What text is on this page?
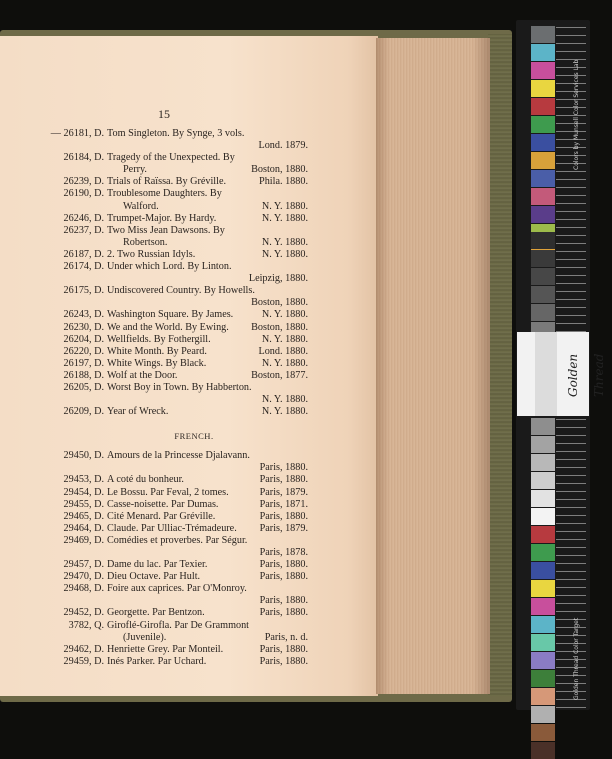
15
— 26181, D. Tom Singleton. By Synge, 3 vols.
Lond. 1879.
26184, D. Tragedy of the Unexpected. By
Perry.	Boston, 1880.
26239, D. Trials of Raïssa. By Gréville.	Phila. 1880.
26190, D. Troublesome Daughters. By
Walford.	N. Y. 1880.
26246, D. Trumpet-Major. By Hardy.	N. Y. 1880.
26237, D. Two Miss Jean Dawsons. By
Robertson.	N. Y. 1880.
26187, D. 2. Two Russian Idyls.	N. Y. 1880.
26174, D. Under which Lord. By Linton.
Leipzig, 1880.
26175, D. Undiscovered Country. By Howells.
Boston, 1880.
26243, D. Washington Square. By James.	N. Y. 1880.
26230, D. We and the World. By Ewing. Boston, 1880.
26204, D. Wellfields. By Fothergill.	N. Y. 1880.
26220, D. White Month. By Peard.	Lond. 1880.
26197, D. White Wings. By Black.	N. Y. 1880.
26188, D. Wolf at the Door.	Boston, 1877.
26205, D. Worst Boy in Town. By Habberton.
N. Y. 1880.
26209, D. Year of Wreck.	N. Y. 1880.
FRENCH.
29450, D. Amours de la Princesse Djalavann.
Paris, 1880.
29453, D. A coté du bonheur.	Paris, 1880.
29454, D. Le Bossu. Par Feval, 2 tomes.	Paris, 1879.
29455, D. Casse-noisette. Par Dumas.	Paris, 1871.
29465, D. Cité Menard. Par Gréville.	Paris, 1880.
29464, D. Claude. Par Ulliac-Trémadeure. Paris, 1879.
29469, D. Comédies et proverbes. Par Ségur.
Paris, 1878.
29457, D. Dame du lac. Par Texier.	Paris, 1880.
29470, D. Dieu Octave. Par Hult.	Paris, 1880.
29468, D. Foire aux caprices. Par O'Monroy.
Paris, 1880.
29452, D. Georgette. Par Bentzon.	Paris, 1880.
3782, Q. Giroflé-Girofla. Par De Grammont
(Juvenile).	Paris, n. d.
29462, D. Henriette Grey. Par Monteil.	Paris, 1880.
29459, D. Inés Parker. Par Uchard.	Paris, 1880.
Golden Thread
Colors by Munsell Color Services Lab
Golden Thread Color Target
